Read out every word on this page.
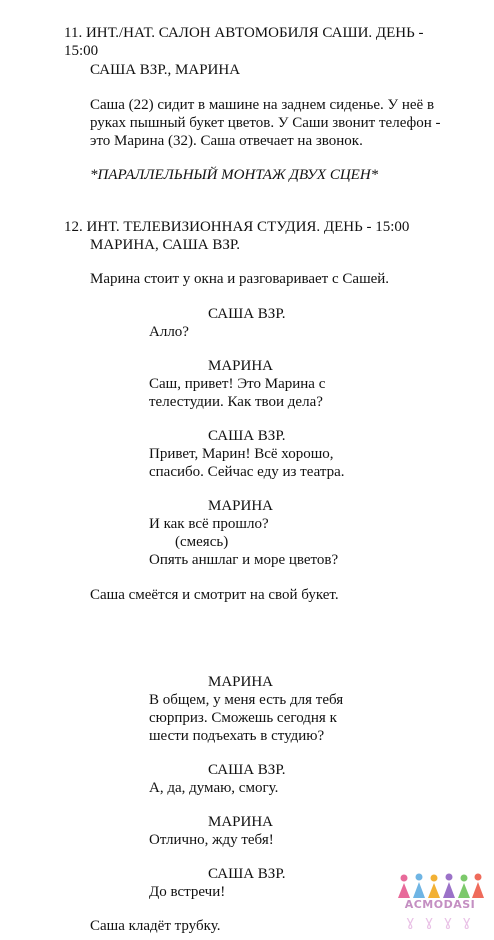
11. ИНТ./НАТ. САЛОН АВТОМОБИЛЯ САШИ. ДЕНЬ -
15:00
САША ВЗР., МАРИНА
Саша (22) сидит в машине на заднем сиденье. У неё в
руках пышный букет цветов. У Саши звонит телефон -
это Марина (32). Саша отвечает на звонок.
*ПАРАЛЛЕЛЬНЫЙ МОНТАЖ ДВУХ СЦЕН*
12. ИНТ. ТЕЛЕВИЗИОННАЯ СТУДИЯ. ДЕНЬ - 15:00
МАРИНА, САША ВЗР.
Марина стоит у окна и разговаривает с Сашей.
САША ВЗР.
Алло?
МАРИНА
Саш, привет! Это Марина с
телестудии. Как твои дела?
САША ВЗР.
Привет, Марин! Всё хорошо,
спасибо. Сейчас еду из театра.
МАРИНА
И как всё прошло?
(смеясь)
Опять аншлаг и море цветов?
Саша смеётся и смотрит на свой букет.
МАРИНА
В общем, у меня есть для тебя
сюрприз. Сможешь сегодня к
шести подъехать в студию?
САША ВЗР.
А, да, думаю, смогу.
МАРИНА
Отлично, жду тебя!
САША ВЗР.
До встречи!
Саша кладёт трубку.
ACMODASI
ɣ ɣ ɣ ɣ
